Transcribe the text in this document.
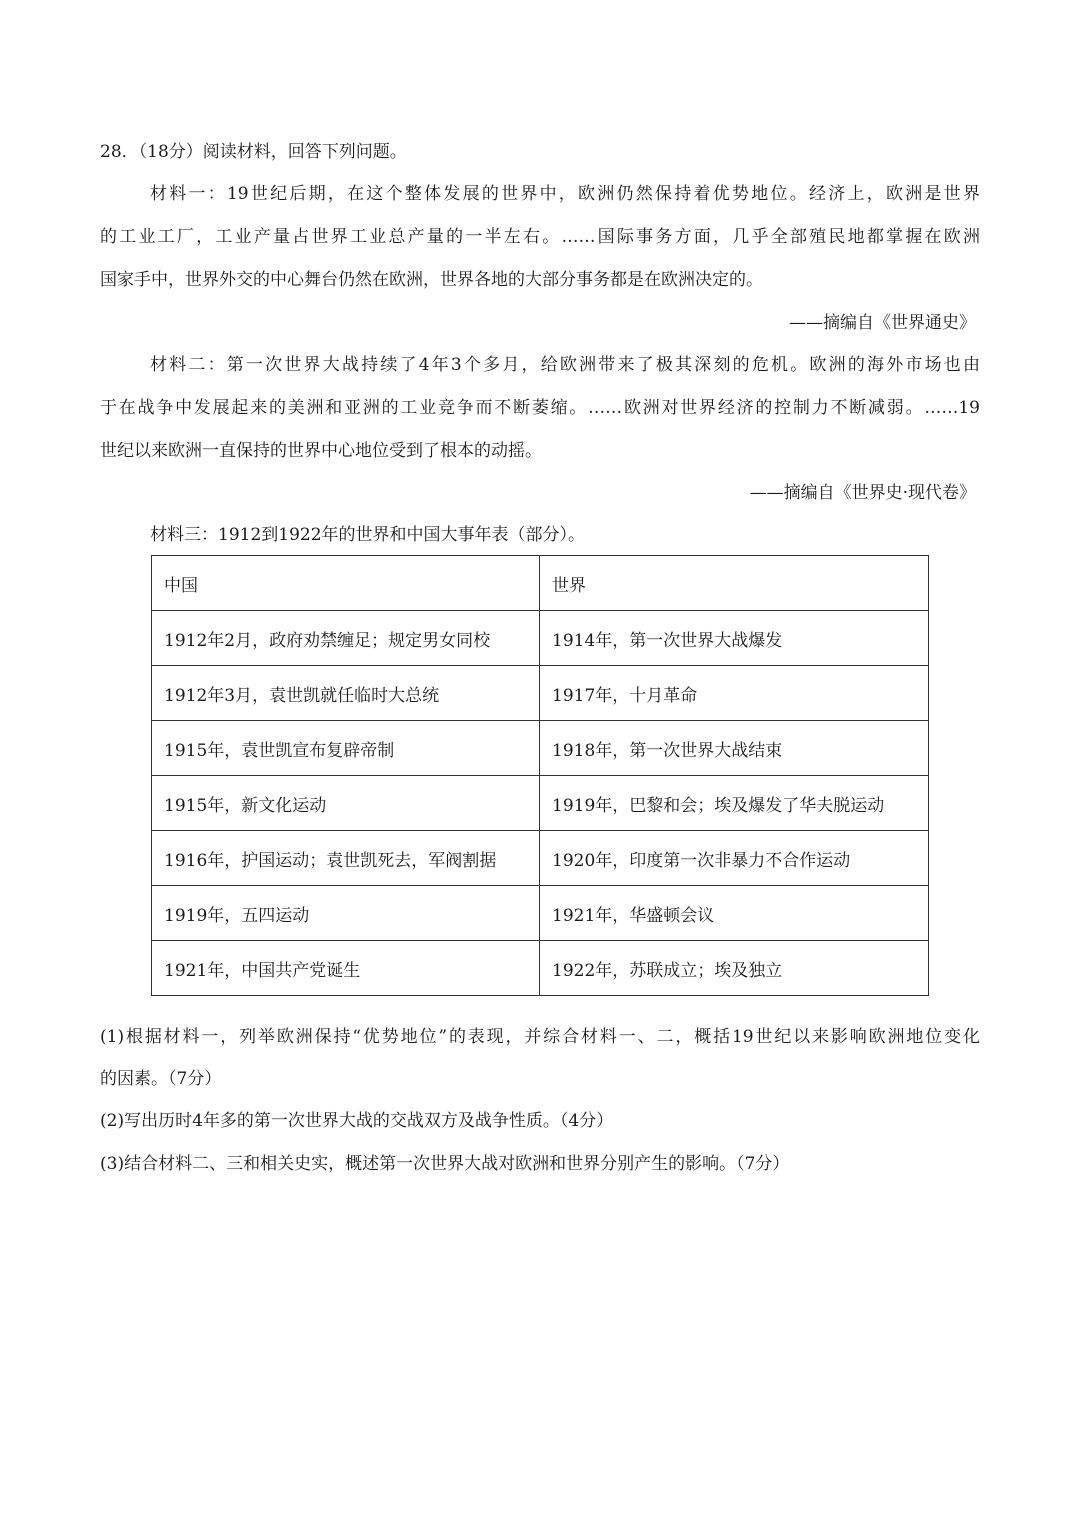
28．（18分）阅读材料，回答下列问题。
材料一：19世纪后期，在这个整体发展的世界中，欧洲仍然保持着优势地位。经济上，欧洲是世界
的工业工厂，工业产量占世界工业总产量的一半左右。……国际事务方面，几乎全部殖民地都掌握在欧洲
国家手中，世界外交的中心舞台仍然在欧洲，世界各地的大部分事务都是在欧洲决定的。
——摘编自《世界通史》
材料二：第一次世界大战持续了4年3个多月，给欧洲带来了极其深刻的危机。欧洲的海外市场也由
于在战争中发展起来的美洲和亚洲的工业竞争而不断萎缩。……欧洲对世界经济的控制力不断减弱。……19
世纪以来欧洲一直保持的世界中心地位受到了根本的动摇。
——摘编自《世界史·现代卷》
材料三：1912到1922年的世界和中国大事年表（部分）。
中国	世界
1912年2月，政府劝禁缠足；规定男女同校	1914年，第一次世界大战爆发
1912年3月，袁世凯就任临时大总统	1917年，十月革命
1915年，袁世凯宣布复辟帝制	1918年，第一次世界大战结束
1915年，新文化运动	1919年，巴黎和会；埃及爆发了华夫脱运动
1916年，护国运动；袁世凯死去，军阀割据	1920年，印度第一次非暴力不合作运动
1919年，五四运动	1921年，华盛顿会议
1921年，中国共产党诞生	1922年，苏联成立；埃及独立
(1)根据材料一，列举欧洲保持“优势地位”的表现，并综合材料一、二，概括19世纪以来影响欧洲地位变化
的因素。（7分）
(2)写出历时4年多的第一次世界大战的交战双方及战争性质。（4分）
(3)结合材料二、三和相关史实，概述第一次世界大战对欧洲和世界分别产生的影响。（7分）
